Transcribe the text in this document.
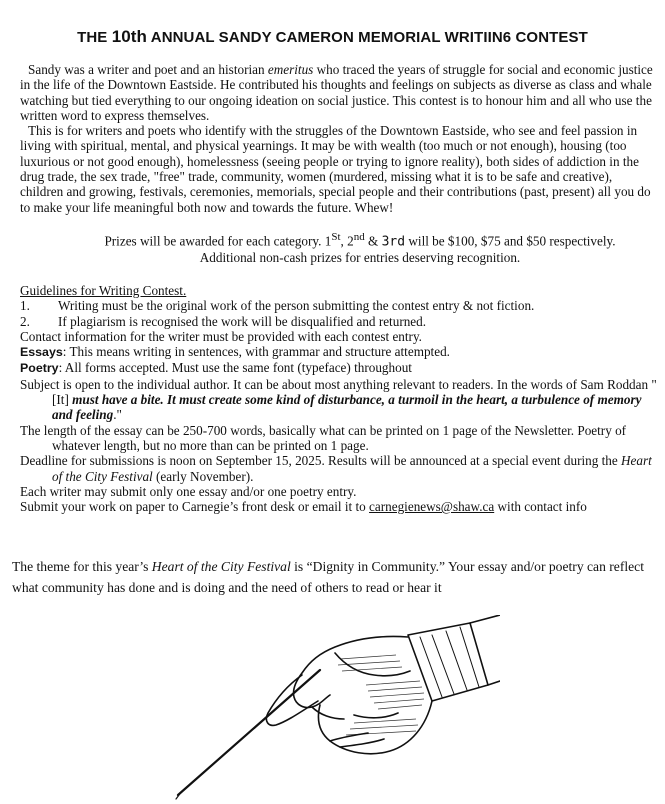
THE 10th ANNUAL SANDY CAMERON MEMORIAL WRITIIN6 CONTEST

Sandy was a writer and poet and an historian emeritus who traced the years of struggle for social and economic justice in the life of the Downtown Eastside. He contributed his thoughts and feelings on subjects as diverse as class and whale watching but tied everything to our ongoing ideation on social justice. This contest is to honour him and all who use the written word to express themselves.

This is for writers and poets who identify with the struggles of the Downtown Eastside, who see and feel passion in living with spiritual, mental, and physical yearnings. It may be with wealth (too much or not enough), housing (too luxurious or not good enough), homelessness (seeing people or trying to ignore reality), both sides of addiction in the drug trade, the sex trade, "free" trade, community, women (murdered, missing what it is to be safe and creative), children and growing, festivals, ceremonies, memorials, special people and their contributions (past, present) all you do to make your life meaningful both now and towards the future. Whew!

Prizes will be awarded for each category. 1St, 2nd & 3rd will be $100, $75 and $50 respectively.
Additional non-cash prizes for entries deserving recognition.

Guidelines for Writing Contest.

1.	Writing must be the original work of the person submitting the contest entry & not fiction.
2.	If plagiarism is recognised the work will be disqualified and returned.

Contact information for the writer must be provided with each contest entry.

Essays: This means writing in sentences, with grammar and structure attempted.

Poetry: All forms accepted. Must use the same font (typeface) throughout

Subject is open to the individual author. It can be about most anything relevant to readers. In the words of Sam Roddan "[It] must have a bite. It must create some kind of disturbance, a turmoil in the heart, a turbulence of memory and feeling."

The length of the essay can be 250-700 words, basically what can be printed on 1 page of the Newsletter. Poetry of whatever length, but no more than can be printed on 1 page.

Deadline for submissions is noon on September 15, 2025. Results will be announced at a special event during the Heart of the City Festival (early November).

Each writer may submit only one essay and/or one poetry entry.

Submit your work on paper to Carnegie’s front desk or email it to carnegienews@shaw.ca with contact info

The theme for this year’s Heart of the City Festival is “Dignity in Community.” Your essay and/or poetry can reflect what community has done and is doing and the need of others to read or hear it
